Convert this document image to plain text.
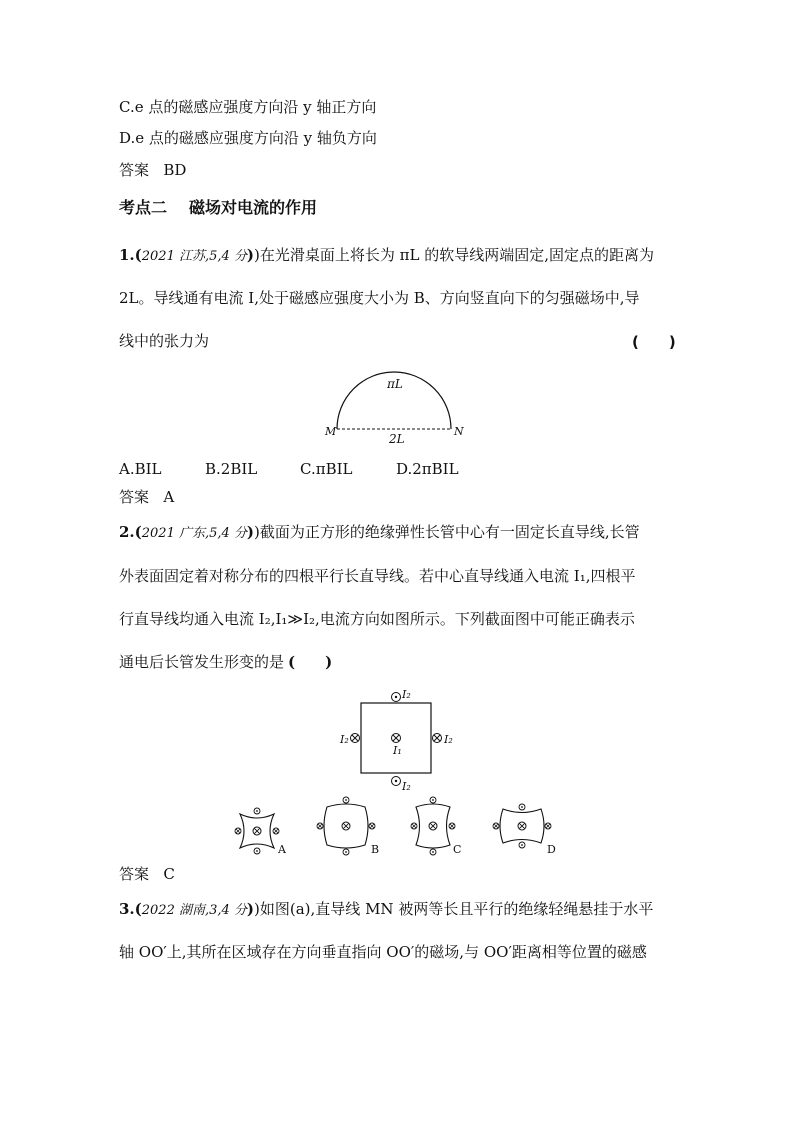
C.e 点的磁感应强度方向沿 y 轴正方向
D.e 点的磁感应强度方向沿 y 轴负方向
答案 BD
考点二 磁场对电流的作用
1.(2021 江苏,5,4 分))在光滑桌面上将长为 πL 的软导线两端固定,固定点的距离为
2L。导线通有电流 I,处于磁感应强度大小为 B、方向竖直向下的匀强磁场中,导
线中的张力为	(　　)
πL
2L
M	N
A.BIL	B.2BIL	C.πBIL	D.2πBIL
答案 A
2.(2021 广东,5,4 分))截面为正方形的绝缘弹性长管中心有一固定长直导线,长管
外表面固定着对称分布的四根平行长直导线。若中心直导线通入电流 I₁,四根平
行直导线均通入电流 I₂,I₁≫I₂,电流方向如图所示。下列截面图中可能正确表示
通电后长管发生形变的是 (　　)
I₂
I₂
I₂	I₂
I₁
A	B	C	D
答案 C
3.(2022 湖南,3,4 分))如图(a),直导线 MN 被两等长且平行的绝缘轻绳悬挂于水平
轴 OO′上,其所在区域存在方向垂直指向 OO′的磁场,与 OO′距离相等位置的磁感
